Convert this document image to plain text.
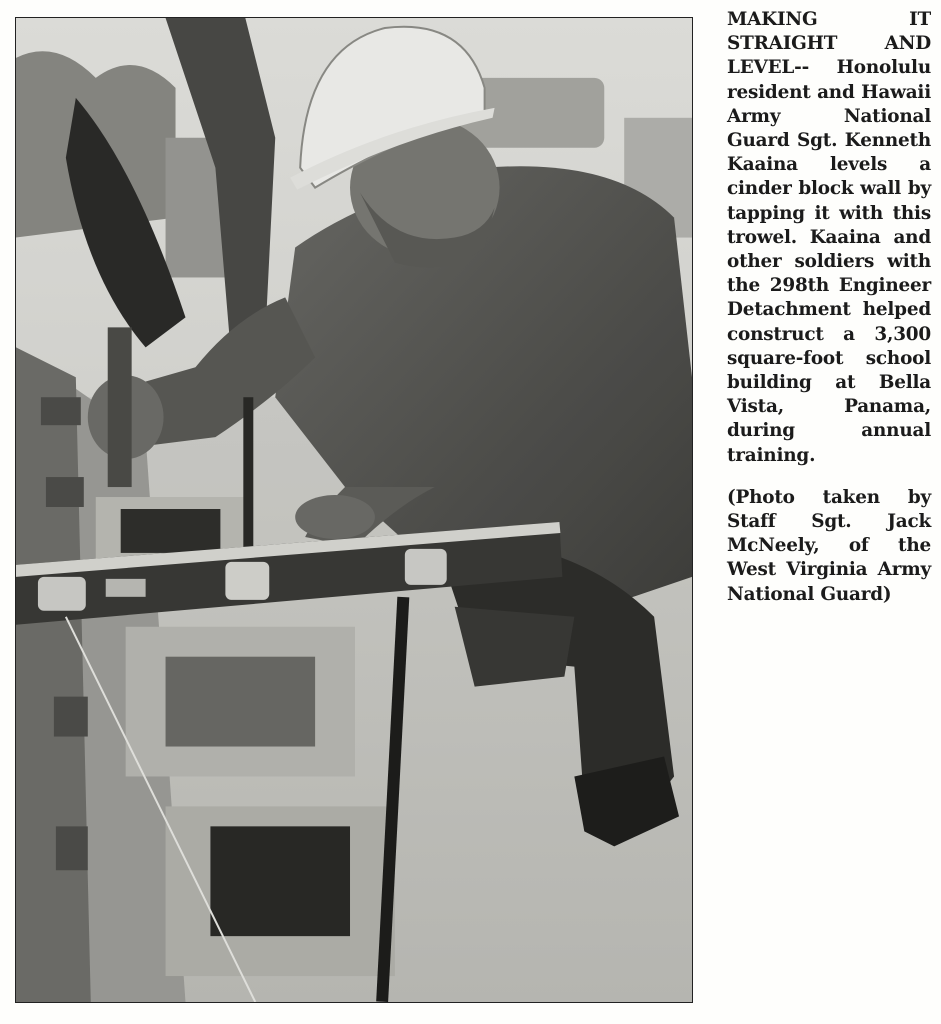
MAKING IT STRAIGHT AND LEVEL-- Honolulu resident and Hawaii Army National Guard Sgt. Kenneth Kaaina levels a cinder block wall by tapping it with this trowel. Kaaina and other soldiers with the 298th Engineer Detachment helped construct a 3,300 square-foot school building at Bella Vista, Panama, during annual training.

(Photo taken by Staff Sgt. Jack McNeely, of the West Virginia Army National Guard)
